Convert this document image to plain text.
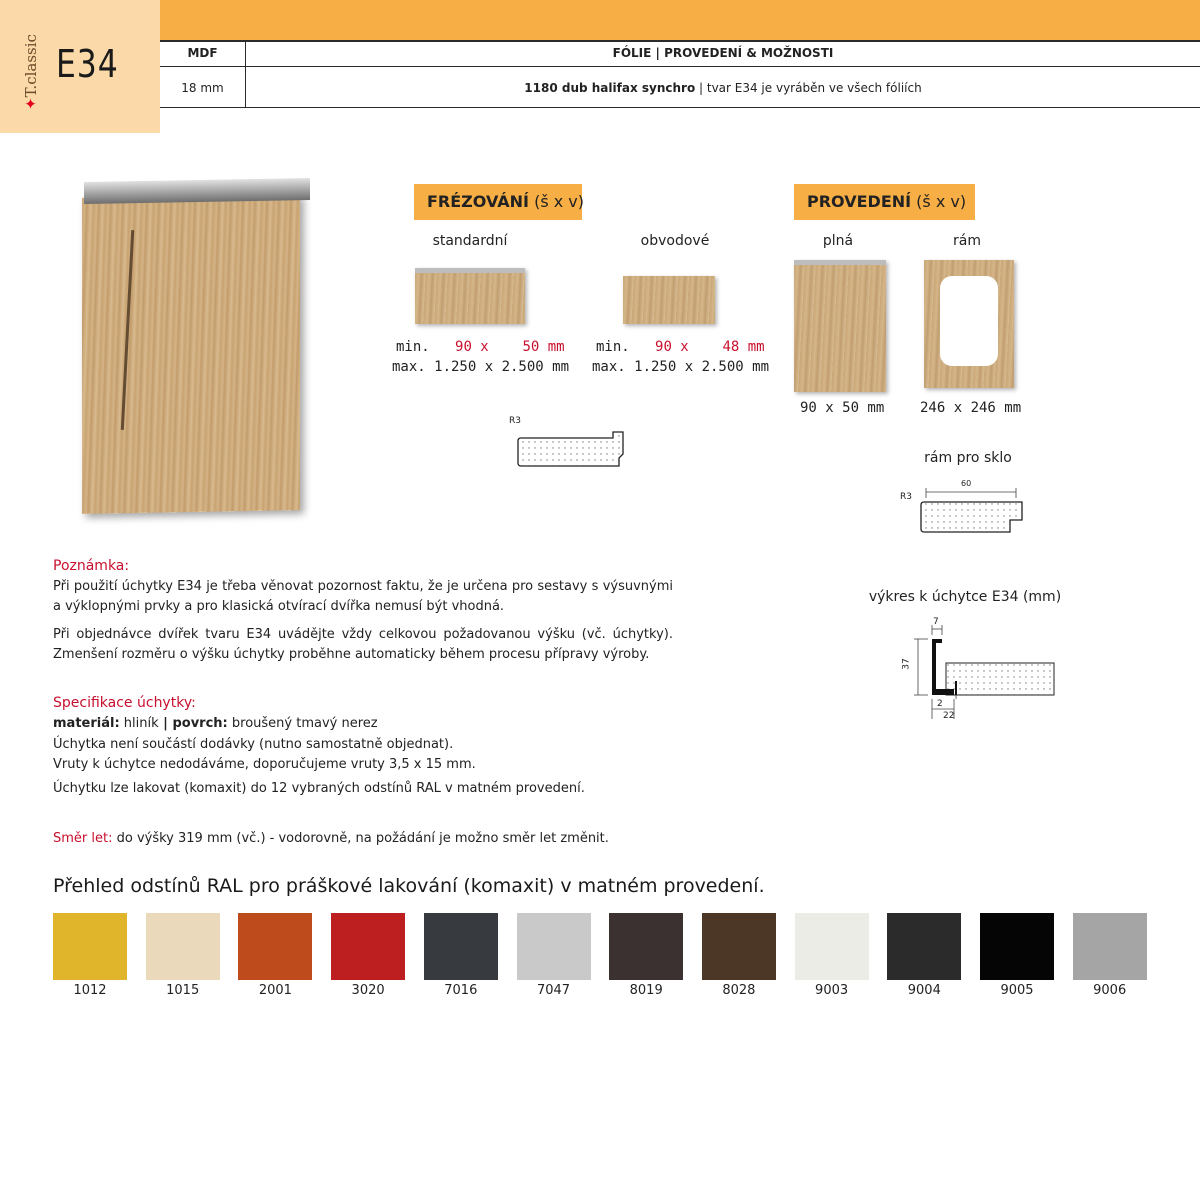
✦T.classic E34	MDF	FÓLIE | PROVEDENÍ & MOŽNOSTI
18 mm	1180 dub halifax synchro | tvar E34 je vyráběn ve všech fóliích
FRÉZOVÁNÍ (š x v)
standardní
min. 90 x 50 mm
max. 1.250 x 2.500 mm
obvodové
min. 90 x 48 mm
max. 1.250 x 2.500 mm
R3
PROVEDENÍ (š x v)
plná
90 x 50 mm
rám
246 x 246 mm
rám pro sklo
R3
60
výkres k úchytce E34 (mm)
7
37
2
22
Poznámka:
Při použití úchytky E34 je třeba věnovat pozornost faktu, že je určena pro sestavy s výsuvnými a výklopnými prvky a pro klasická otvírací dvířka nemusí být vhodná.
Při objednávce dvířek tvaru E34 uvádějte vždy celkovou požadovanou výšku (vč. úchytky). Zmenšení rozměru o výšku úchytky proběhne automaticky během procesu přípravy výroby.
Specifikace úchytky:
materiál: hliník | povrch: broušený tmavý nerez
Úchytka není součástí dodávky (nutno samostatně objednat).
Vruty k úchytce nedodáváme, doporučujeme vruty 3,5 x 15 mm.
Úchytku lze lakovat (komaxit) do 12 vybraných odstínů RAL v matném provedení.
Směr let: do výšky 319 mm (vč.) - vodorovně, na požádání je možno směr let změnit.
Přehled odstínů RAL pro práškové lakování (komaxit) v matném provedení.
1012	1015	2001	3020	7016	7047	8019	8028	9003	9004	9005	9006
